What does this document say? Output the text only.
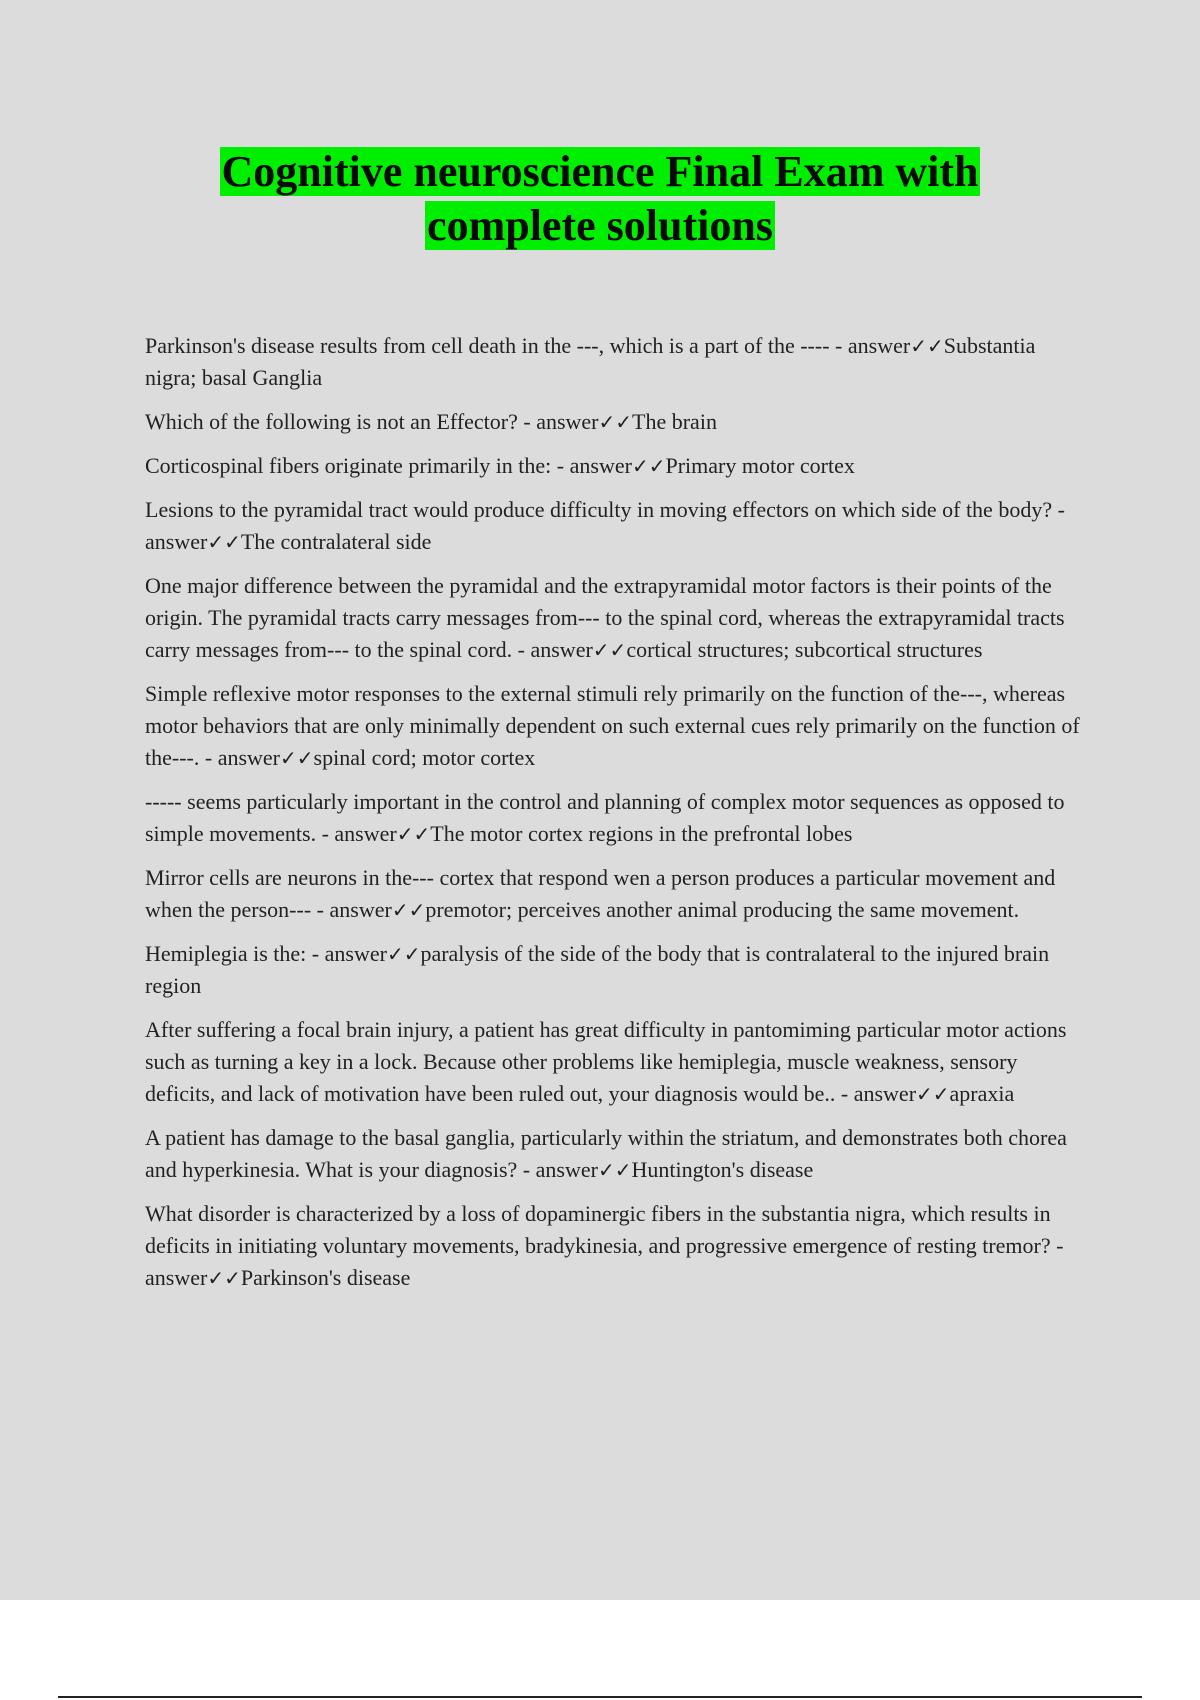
Cognitive neuroscience Final Exam with
complete solutions

Parkinson's disease results from cell death in the ---, which is a part of the ---- - answer✓✓Substantia nigra; basal Ganglia

Which of the following is not an Effector? - answer✓✓The brain

Corticospinal fibers originate primarily in the: - answer✓✓Primary motor cortex

Lesions to the pyramidal tract would produce difficulty in moving effectors on which side of the body? - answer✓✓The contralateral side

One major difference between the pyramidal and the extrapyramidal motor factors is their points of the origin. The pyramidal tracts carry messages from--- to the spinal cord, whereas the extrapyramidal tracts carry messages from--- to the spinal cord. - answer✓✓cortical structures; subcortical structures

Simple reflexive motor responses to the external stimuli rely primarily on the function of the---, whereas motor behaviors that are only minimally dependent on such external cues rely primarily on the function of the---. - answer✓✓spinal cord; motor cortex

----- seems particularly important in the control and planning of complex motor sequences as opposed to simple movements. - answer✓✓The motor cortex regions in the prefrontal lobes

Mirror cells are neurons in the--- cortex that respond wen a person produces a particular movement and when the person--- - answer✓✓premotor; perceives another animal producing the same movement.

Hemiplegia is the: - answer✓✓paralysis of the side of the body that is contralateral to the injured brain region

After suffering a focal brain injury, a patient has great difficulty in pantomiming particular motor actions such as turning a key in a lock. Because other problems like hemiplegia, muscle weakness, sensory deficits, and lack of motivation have been ruled out, your diagnosis would be.. - answer✓✓apraxia

A patient has damage to the basal ganglia, particularly within the striatum, and demonstrates both chorea and hyperkinesia. What is your diagnosis? - answer✓✓Huntington's disease

What disorder is characterized by a loss of dopaminergic fibers in the substantia nigra, which results in deficits in initiating voluntary movements, bradykinesia, and progressive emergence of resting tremor? - answer✓✓Parkinson's disease
